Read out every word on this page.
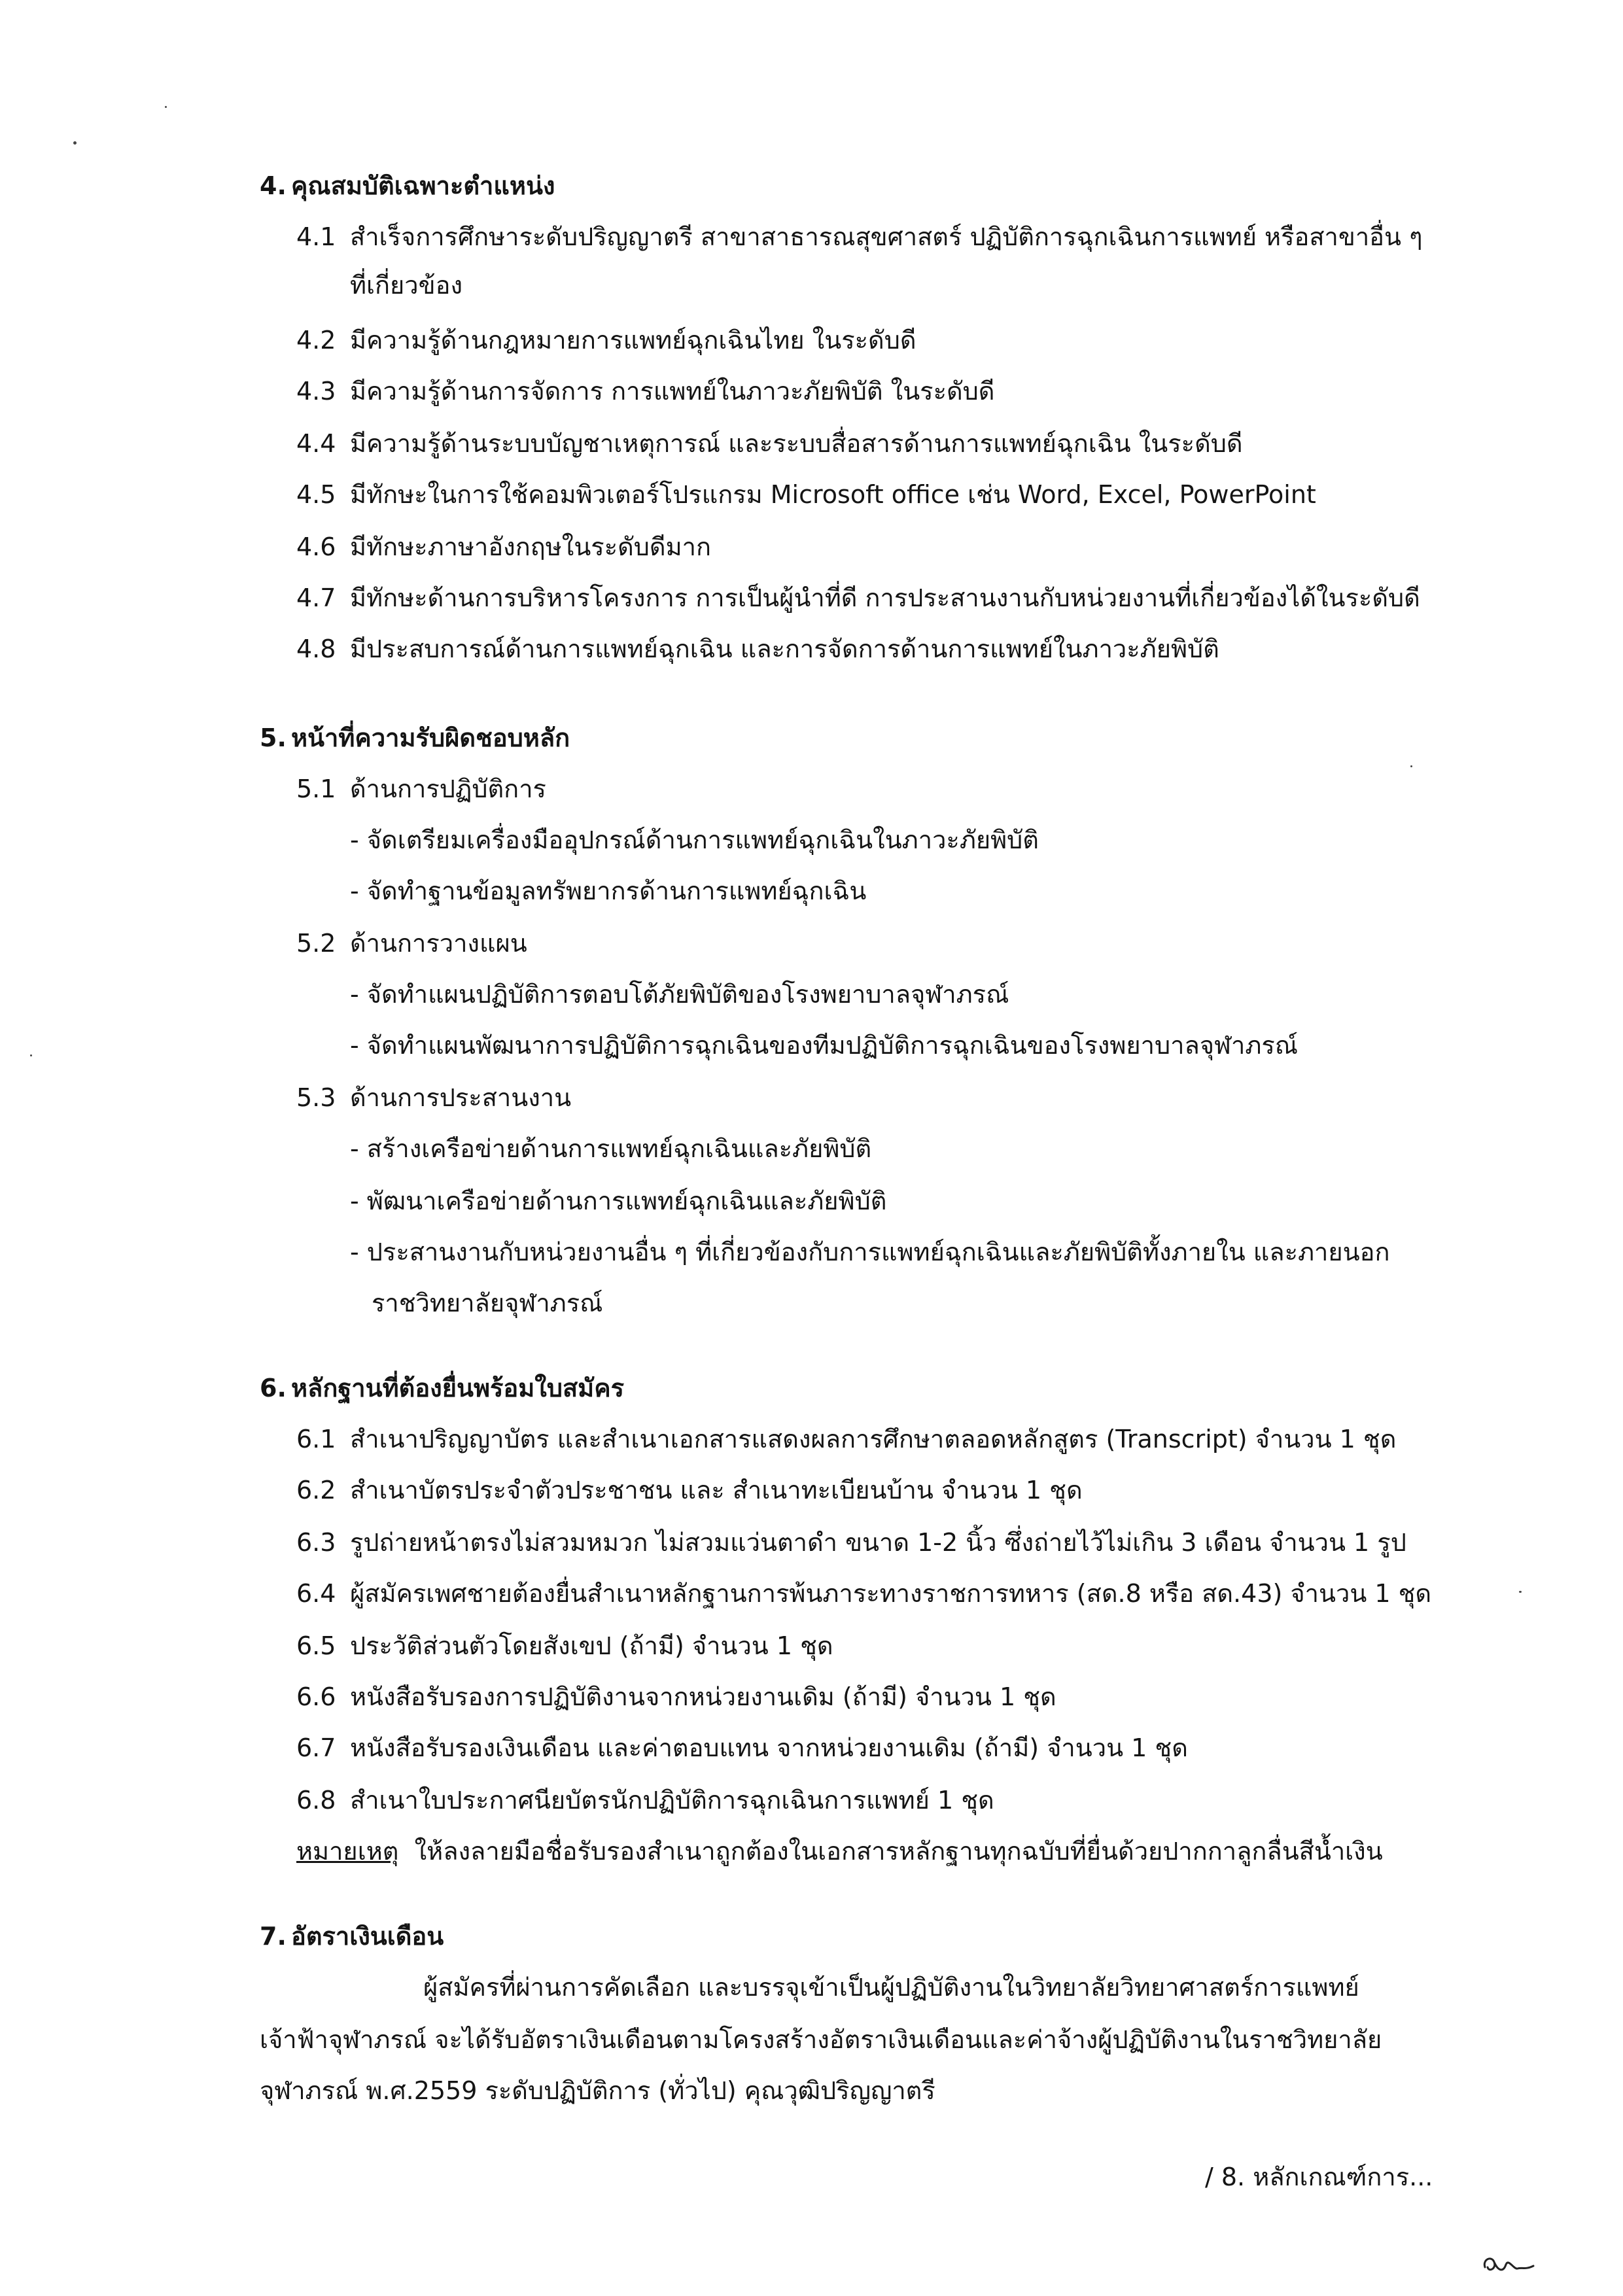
4. คุณสมบัติเฉพาะตำแหน่ง
4.1 สำเร็จการศึกษาระดับปริญญาตรี สาขาสาธารณสุขศาสตร์ ปฏิบัติการฉุกเฉินการแพทย์ หรือสาขาอื่น ๆ
ที่เกี่ยวข้อง
4.2 มีความรู้ด้านกฎหมายการแพทย์ฉุกเฉินไทย ในระดับดี
4.3 มีความรู้ด้านการจัดการ การแพทย์ในภาวะภัยพิบัติ ในระดับดี
4.4 มีความรู้ด้านระบบบัญชาเหตุการณ์ และระบบสื่อสารด้านการแพทย์ฉุกเฉิน ในระดับดี
4.5 มีทักษะในการใช้คอมพิวเตอร์โปรแกรม Microsoft office เช่น Word, Excel, PowerPoint
4.6 มีทักษะภาษาอังกฤษในระดับดีมาก
4.7 มีทักษะด้านการบริหารโครงการ การเป็นผู้นำที่ดี การประสานงานกับหน่วยงานที่เกี่ยวข้องได้ในระดับดี
4.8 มีประสบการณ์ด้านการแพทย์ฉุกเฉิน และการจัดการด้านการแพทย์ในภาวะภัยพิบัติ
5. หน้าที่ความรับผิดชอบหลัก
5.1 ด้านการปฏิบัติการ
- จัดเตรียมเครื่องมืออุปกรณ์ด้านการแพทย์ฉุกเฉินในภาวะภัยพิบัติ
- จัดทำฐานข้อมูลทรัพยากรด้านการแพทย์ฉุกเฉิน
5.2 ด้านการวางแผน
- จัดทำแผนปฏิบัติการตอบโต้ภัยพิบัติของโรงพยาบาลจุฬาภรณ์
- จัดทำแผนพัฒนาการปฏิบัติการฉุกเฉินของทีมปฏิบัติการฉุกเฉินของโรงพยาบาลจุฬาภรณ์
5.3 ด้านการประสานงาน
- สร้างเครือข่ายด้านการแพทย์ฉุกเฉินและภัยพิบัติ
- พัฒนาเครือข่ายด้านการแพทย์ฉุกเฉินและภัยพิบัติ
- ประสานงานกับหน่วยงานอื่น ๆ ที่เกี่ยวข้องกับการแพทย์ฉุกเฉินและภัยพิบัติทั้งภายใน และภายนอก
ราชวิทยาลัยจุฬาภรณ์
6. หลักฐานที่ต้องยื่นพร้อมใบสมัคร
6.1 สำเนาปริญญาบัตร และสำเนาเอกสารแสดงผลการศึกษาตลอดหลักสูตร (Transcript) จำนวน 1 ชุด
6.2 สำเนาบัตรประจำตัวประชาชน และ สำเนาทะเบียนบ้าน จำนวน 1 ชุด
6.3 รูปถ่ายหน้าตรงไม่สวมหมวก ไม่สวมแว่นตาดำ ขนาด 1-2 นิ้ว ซึ่งถ่ายไว้ไม่เกิน 3 เดือน จำนวน 1 รูป
6.4 ผู้สมัครเพศชายต้องยื่นสำเนาหลักฐานการพ้นภาระทางราชการทหาร (สด.8 หรือ สด.43) จำนวน 1 ชุด
6.5 ประวัติส่วนตัวโดยสังเขป (ถ้ามี) จำนวน 1 ชุด
6.6 หนังสือรับรองการปฏิบัติงานจากหน่วยงานเดิม (ถ้ามี) จำนวน 1 ชุด
6.7 หนังสือรับรองเงินเดือน และค่าตอบแทน จากหน่วยงานเดิม (ถ้ามี) จำนวน 1 ชุด
6.8 สำเนาใบประกาศนียบัตรนักปฏิบัติการฉุกเฉินการแพทย์ 1 ชุด
หมายเหตุ ให้ลงลายมือชื่อรับรองสำเนาถูกต้องในเอกสารหลักฐานทุกฉบับที่ยื่นด้วยปากกาลูกลื่นสีน้ำเงิน
7. อัตราเงินเดือน
ผู้สมัครที่ผ่านการคัดเลือก และบรรจุเข้าเป็นผู้ปฏิบัติงานในวิทยาลัยวิทยาศาสตร์การแพทย์
เจ้าฟ้าจุฬาภรณ์ จะได้รับอัตราเงินเดือนตามโครงสร้างอัตราเงินเดือนและค่าจ้างผู้ปฏิบัติงานในราชวิทยาลัย
จุฬาภรณ์ พ.ศ.2559 ระดับปฏิบัติการ (ทั่วไป) คุณวุฒิปริญญาตรี
/ 8. หลักเกณฑ์การ...
